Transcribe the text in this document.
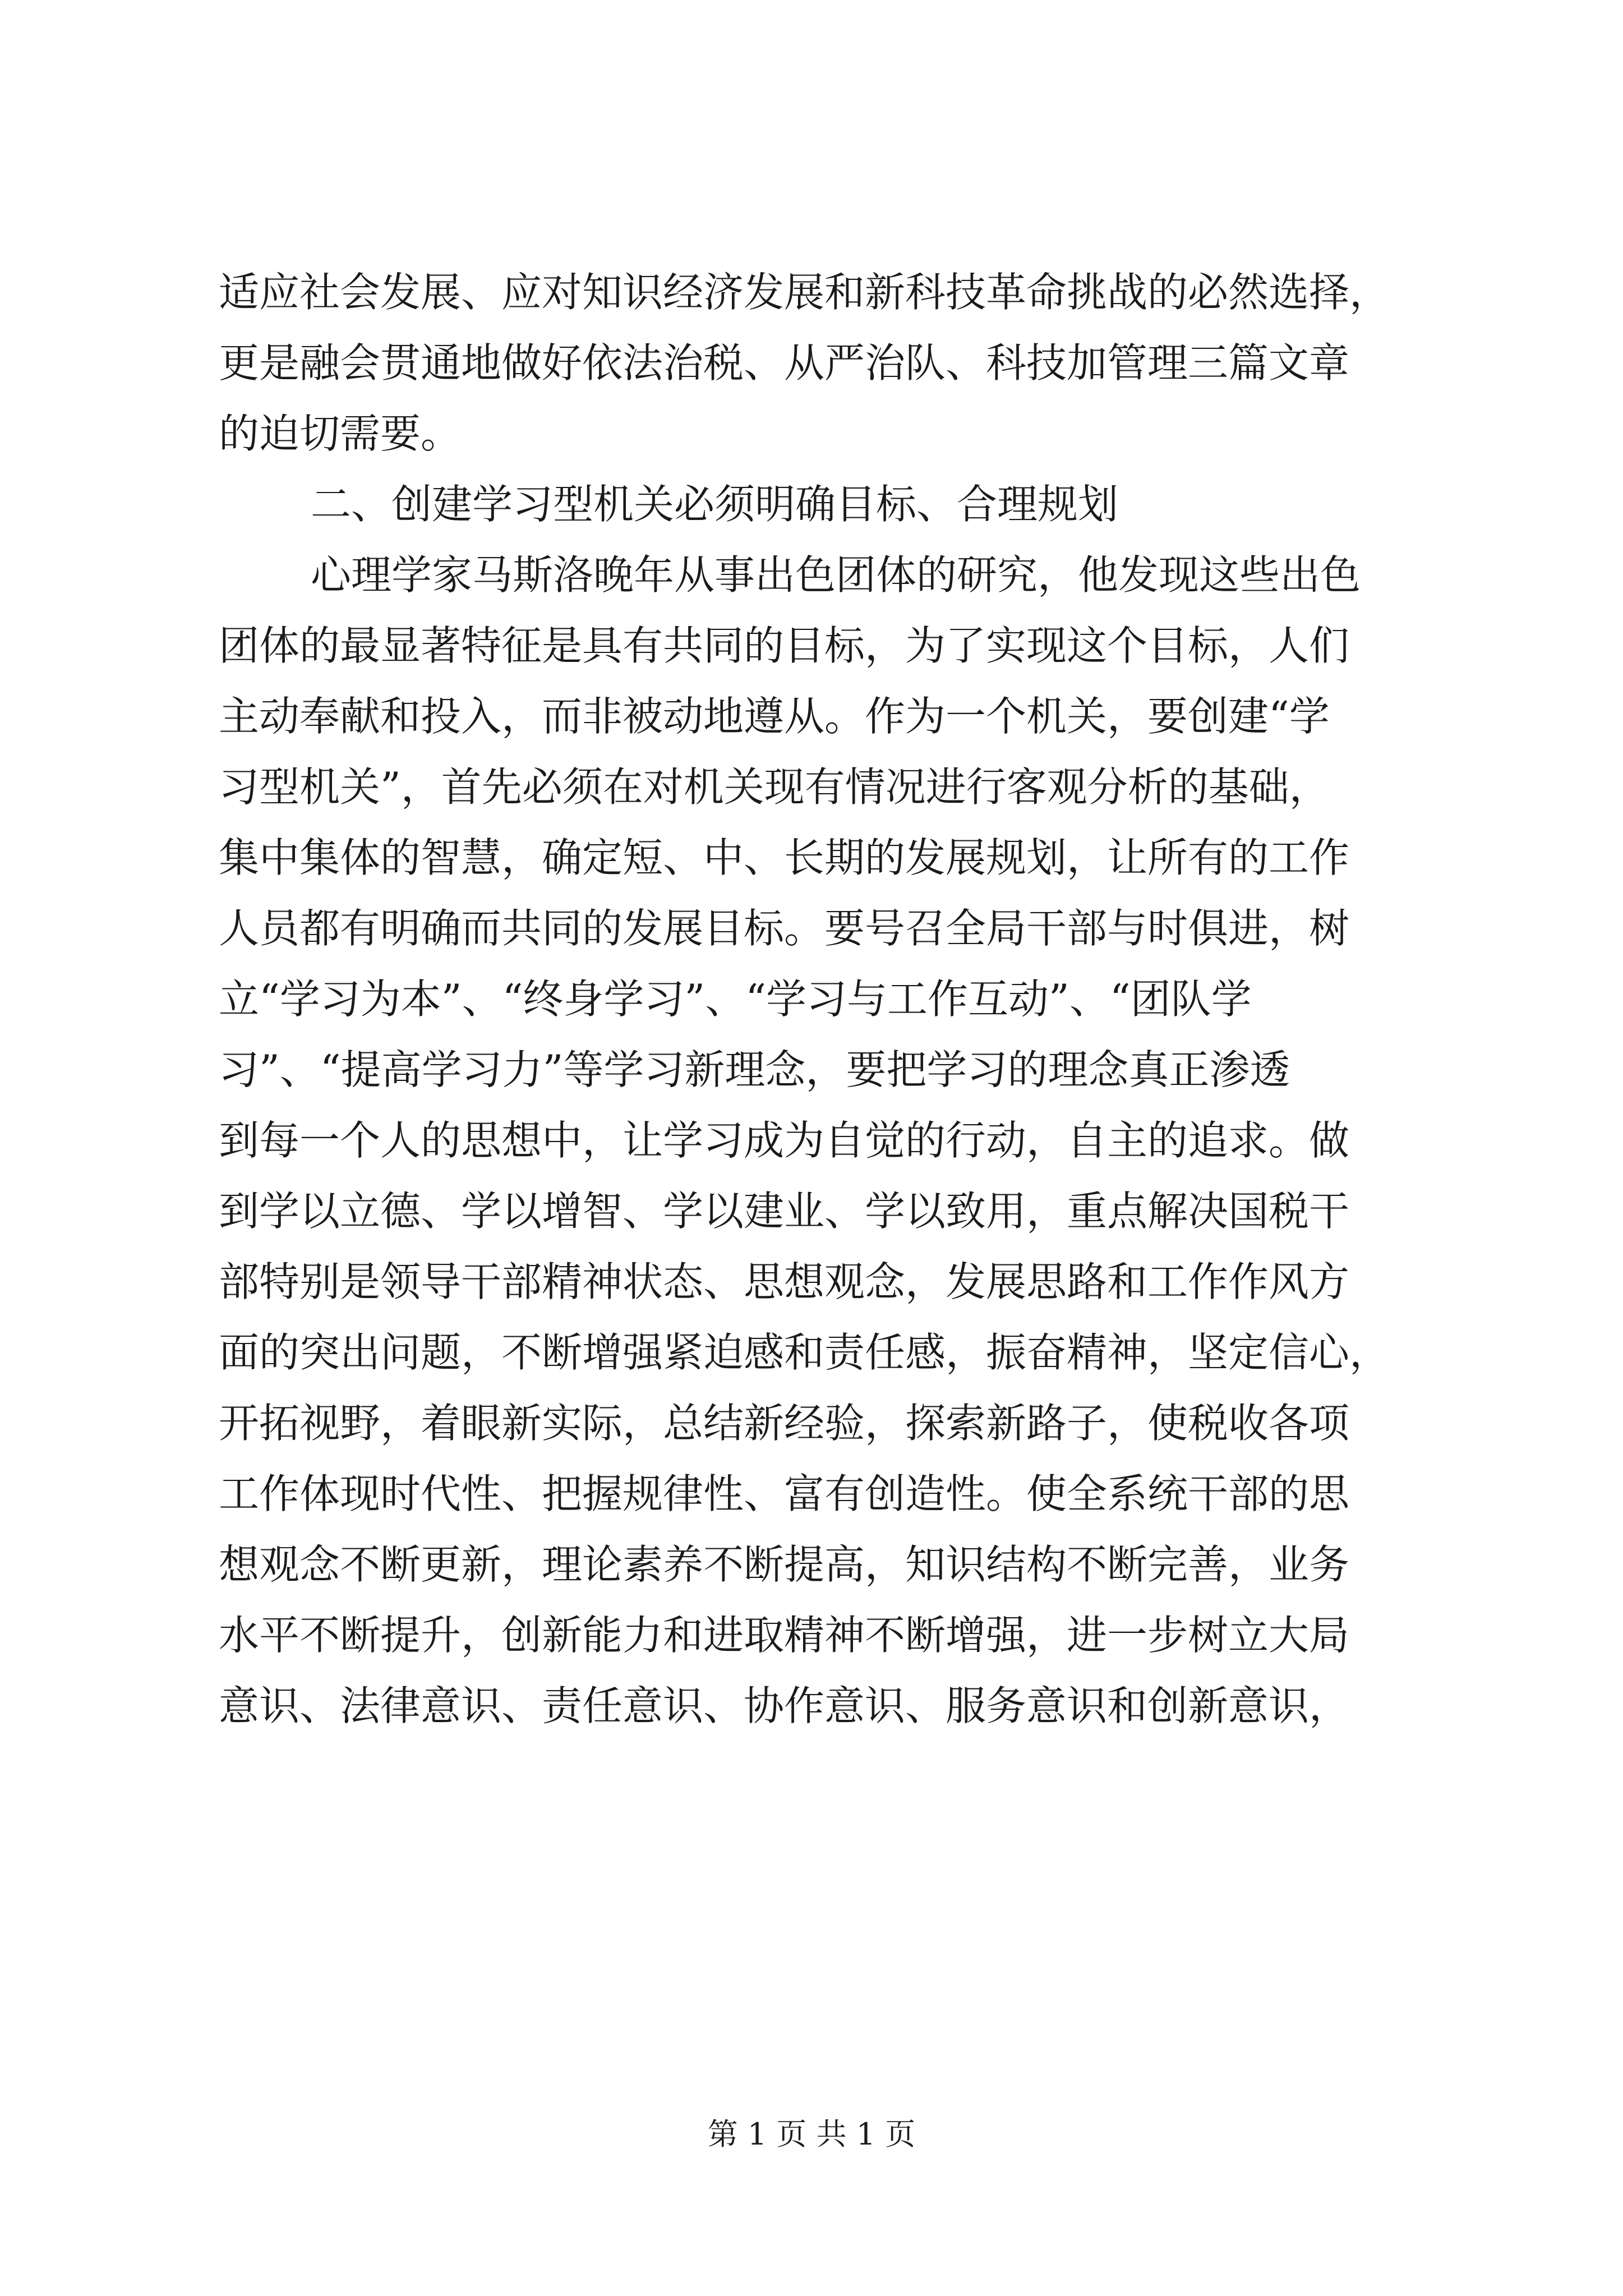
适应社会发展、应对知识经济发展和新科技革命挑战的必然选择，
更是融会贯通地做好依法治税、从严治队、科技加管理三篇文章
的迫切需要。
二、创建学习型机关必须明确目标、合理规划
心理学家马斯洛晚年从事出色团体的研究，他发现这些出色
团体的最显著特征是具有共同的目标，为了实现这个目标，人们
主动奉献和投入，而非被动地遵从。作为一个机关，要创建“学
习型机关”，首先必须在对机关现有情况进行客观分析的基础，
集中集体的智慧，确定短、中、长期的发展规划，让所有的工作
人员都有明确而共同的发展目标。要号召全局干部与时俱进，树
立“学习为本”、“终身学习”、“学习与工作互动”、“团队学
习”、“提高学习力”等学习新理念，要把学习的理念真正渗透
到每一个人的思想中，让学习成为自觉的行动，自主的追求。做
到学以立德、学以增智、学以建业、学以致用，重点解决国税干
部特别是领导干部精神状态、思想观念，发展思路和工作作风方
面的突出问题，不断增强紧迫感和责任感，振奋精神，坚定信心，
开拓视野，着眼新实际，总结新经验，探索新路子，使税收各项
工作体现时代性、把握规律性、富有创造性。使全系统干部的思
想观念不断更新，理论素养不断提高，知识结构不断完善，业务
水平不断提升，创新能力和进取精神不断增强，进一步树立大局
意识、法律意识、责任意识、协作意识、服务意识和创新意识，
第 1 页 共 1 页
